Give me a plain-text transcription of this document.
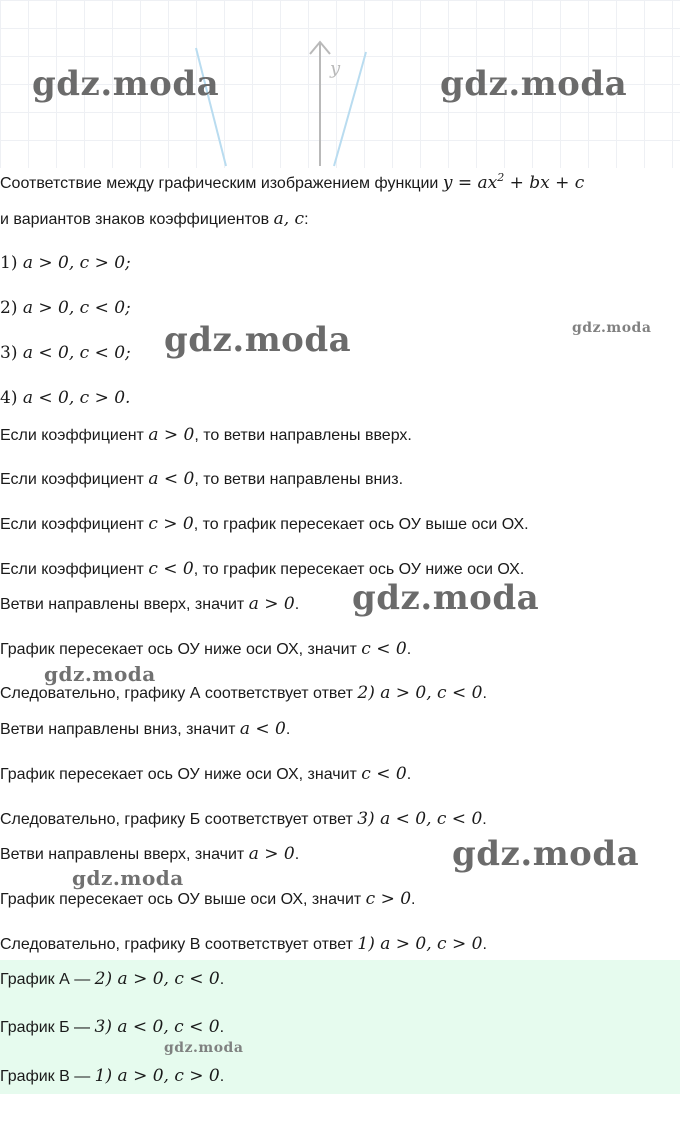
y
Соответствие между графическим изображением функции $y = ax^2$ + bx + c
и вариантов знаков коэффициентов a, c:
1) a > 0, c > 0;
2) a > 0, c < 0;
3) a < 0, c < 0;
4) a < 0, c > 0.
Если коэффициент a > 0, то ветви направлены вверх.
Если коэффициент a < 0, то ветви направлены вниз.
Если коэффициент c > 0, то график пересекает ось ОУ выше оси ОХ.
Если коэффициент c < 0, то график пересекает ось ОУ ниже оси ОХ.
Ветви направлены вверх, значит a > 0.
График пересекает ось ОУ ниже оси ОХ, значит c < 0.
Следовательно, графику А соответствует ответ 2) a > 0, c < 0.
Ветви направлены вниз, значит a < 0.
График пересекает ось ОУ ниже оси ОХ, значит c < 0.
Следовательно, графику Б соответствует ответ 3) a < 0, c < 0.
Ветви направлены вверх, значит a > 0.
График пересекает ось ОУ выше оси ОХ, значит c > 0.
Следовательно, графику В соответствует ответ 1) a > 0, c > 0.
График А — 2) a > 0, c < 0.
График Б — 3) a < 0, c < 0.
График В — 1) a > 0, c > 0.
gdz.moda	gdz.moda
gdz.moda	gdz.moda
gdz.moda
gdz.moda
gdz.moda
gdz.moda
gdz.moda
